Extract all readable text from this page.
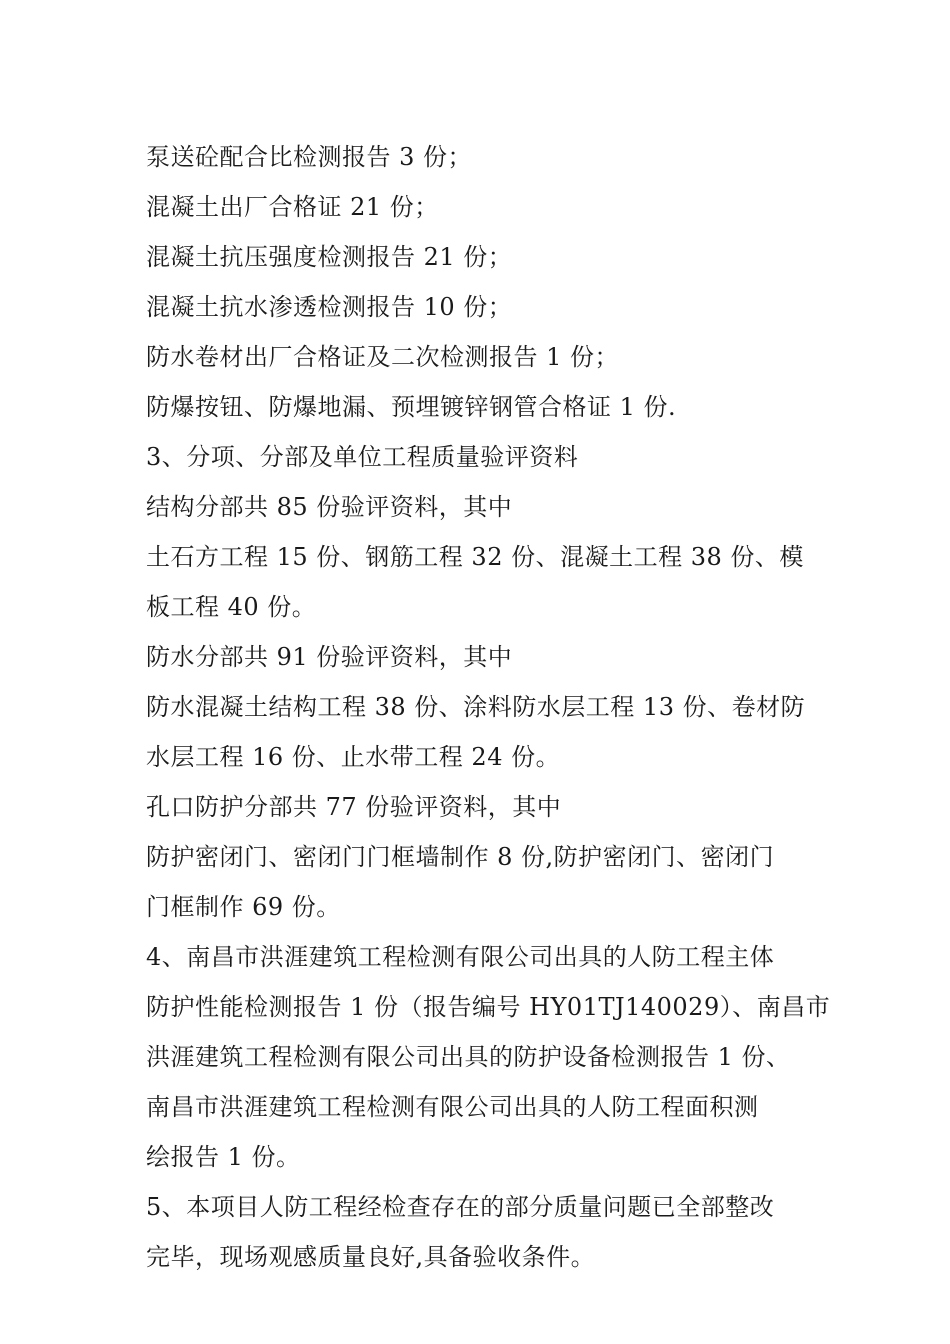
泵送砼配合比检测报告 3 份；
混凝土出厂合格证 21 份；
混凝土抗压强度检测报告 21 份；
混凝土抗水渗透检测报告 10 份；
防水卷材出厂合格证及二次检测报告 1 份；
防爆按钮、防爆地漏、预埋镀锌钢管合格证 1 份.
3、分项、分部及单位工程质量验评资料
结构分部共 85 份验评资料，其中
土石方工程 15 份、钢筋工程 32 份、混凝土工程 38 份、模
板工程 40 份。
防水分部共 91 份验评资料，其中
防水混凝土结构工程 38 份、涂料防水层工程 13 份、卷材防
水层工程 16 份、止水带工程 24 份。
孔口防护分部共 77 份验评资料，其中
防护密闭门、密闭门门框墙制作 8 份,防护密闭门、密闭门
门框制作 69 份。
4、南昌市洪涯建筑工程检测有限公司出具的人防工程主体
防护性能检测报告 1 份（报告编号 HY01TJ140029）、南昌市
洪涯建筑工程检测有限公司出具的防护设备检测报告 1 份、
南昌市洪涯建筑工程检测有限公司出具的人防工程面积测
绘报告 1 份。
5、本项目人防工程经检查存在的部分质量问题已全部整改
完毕，现场观感质量良好,具备验收条件。
